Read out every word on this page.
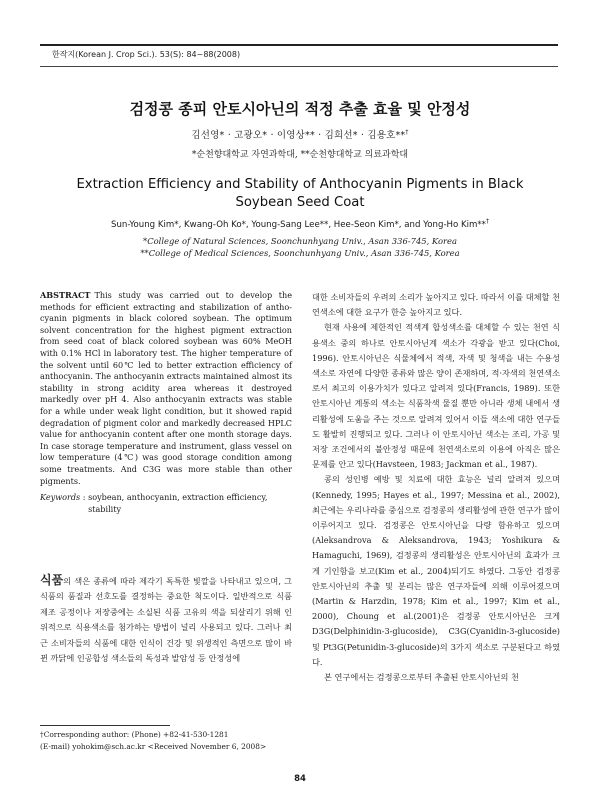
한작지(Korean J. Crop Sci.). 53(S): 84~88(2008)
검정콩 종피 안토시아닌의 적정 추출 효율 및 안정성
김선영* · 고광오* · 이영상** · 김희선* · 김용호**†
*순천향대학교 자연과학대, **순천향대학교 의료과학대
Extraction Efficiency and Stability of Anthocyanin Pigments in Black Soybean Seed Coat
Sun-Young Kim*, Kwang-Oh Ko*, Young-Sang Lee**, Hee-Seon Kim*, and Yong-Ho Kim**†
*College of Natural Sciences, Soonchunhyang Univ., Asan 336-745, Korea
**College of Medical Sciences, Soonchunhyang Univ., Asan 336-745, Korea

ABSTRACT This study was carried out to develop the methods for efficient extracting and stabilization of antho-cyanin pigments in black colored soybean. The optimum solvent concentration for the highest pigment extraction from seed coat of black colored soybean was 60% MeOH with 0.1% HCl in laboratory test. The higher temperature of the solvent until 60℃ led to better extraction efficiency of anthocyanin. The anthocyanin extracts maintained almost its stability in strong acidity area whereas it destroyed markedly over pH 4. Also anthocyanin extracts was stable for a while under weak light condition, but it showed rapid degradation of pigment color and markedly decreased HPLC value for anthocyanin content after one month storage days. In case storage temperature and instrument, glass vessel on low temperature (4℃) was good storage condition among some treatments. And C3G was more stable than other pigments.

Keywords : soybean, anthocyanin, extraction efficiency, stability

식품의 색은 종류에 따라 제각기 독특한 빛깔을 나타내고 있으며, 그 식품의 품질과 선호도를 결정하는 중요한 척도이다. 일반적으로 식품 제조 공정이나 저장중에는 소실된 식품 고유의 색을 되살리기 위해 인위적으로 식용색소를 첨가하는 방법이 널리 사용되고 있다. 그러나 최근 소비자들의 식품에 대한 인식이 건강 및 위생적인 측면으로 많이 바뀐 까닭에 인공합성 색소들의 독성과 발암성 등 안정성에

대한 소비자들의 우려의 소리가 높아지고 있다. 따라서 이를 대체할 천연색소에 대한 요구가 한층 높아지고 있다.

현재 사용에 제한적인 적색계 합성색소를 대체할 수 있는 천연 식용색소 중의 하나로 안토시아닌계 색소가 각광을 받고 있다(Choi, 1996). 안토시아닌은 식물체에서 적색, 자색 및 청색을 내는 수용성 색소로 자연에 다양한 종류와 많은 양이 존재하며, 적·자색의 천연색소로서 최고의 이용가치가 있다고 알려져 있다(Francis, 1989). 또한 안토시아닌 계통의 색소는 식품착색 물질 뿐만 아니라 생체 내에서 생리활성에 도움을 주는 것으로 알려져 있어서 이들 색소에 대한 연구들도 활발히 진행되고 있다. 그러나 이 안토시아닌 색소는 조리, 가공 및 저장 조건에서의 불안정성 때문에 천연색소로의 이용에 아직은 많은 문제를 안고 있다(Havsteen, 1983; Jackman et al., 1987).

콩의 성인병 예방 및 치료에 대한 효능은 널리 알려져 있으며(Kennedy, 1995; Hayes et al., 1997; Messina et al., 2002), 최근에는 우리나라를 중심으로 검정콩의 생리활성에 관한 연구가 많이 이루어지고 있다. 검정콩은 안토시아닌을 다량 함유하고 있으며(Aleksandrova & Aleksandrova, 1943; Yoshikura & Hamaguchi, 1969), 검정콩의 생리활성은 안토시아닌의 효과가 크게 기인함을 보고(Kim et al., 2004)되기도 하였다. 그동안 검정콩 안토시아닌의 추출 및 분리는 많은 연구자들에 의해 이루어졌으며(Martin & Harzdin, 1978; Kim et al., 1997; Kim et al., 2000), Choung et al.(2001)은 검정콩 안토시아닌은 크게 D3G(Delphinidin-3-glucoside), C3G(Cyanidin-3-glucoside) 및 Pt3G(Petunidin-3-glucoside)의 3가지 색소로 구분된다고 하였다.

본 연구에서는 검정콩으로부터 추출된 안토시아닌의 천

†Corresponding author: (Phone) +82-41-530-1281
(E-mail) yohokim@sch.ac.kr <Received November 6, 2008>
84
